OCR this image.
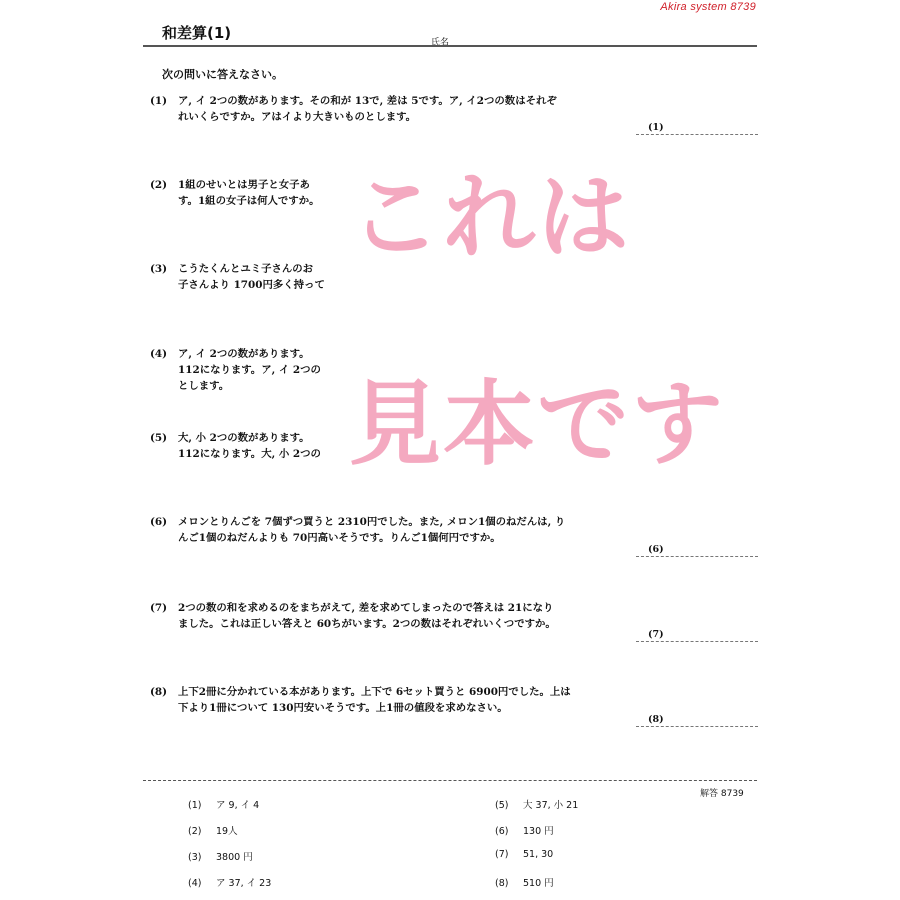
Akira system 8739
和差算(1)
氏名
次の問いに答えなさい。
(1) ア, イ 2つの数があります。その和が 13で, 差は 5です。ア, イ2つの数はそれぞ
れいくらですか。アはイより大きいものとします。
(1)
(2) 1組のせいとは男子と女子あ
す。1組の女子は何人ですか。
(3) こうたくんとユミ子さんのお
子さんより 1700円多く持って
(4) ア, イ 2つの数があります。
112になります。ア, イ 2つの
とします。
(5) 大, 小 2つの数があります。
112になります。大, 小 2つの
(6) メロンとりんごを 7個ずつ買うと 2310円でした。また, メロン1個のねだんは, り
んご1個のねだんよりも 70円高いそうです。りんご1個何円ですか。
(6)
(7) 2つの数の和を求めるのをまちがえて, 差を求めてしまったので答えは 21になり
ました。これは正しい答えと 60ちがいます。2つの数はそれぞれいくつですか。
(7)
(8) 上下2冊に分かれている本があります。上下で 6セット買うと 6900円でした。上は
下より1冊について 130円安いそうです。上1冊の値段を求めなさい。
(8)
これは
見本です
解答 8739
(1) ア 9, イ 4
(2) 19人
(3) 3800 円
(4) ア 37, イ 23
(5) 大 37, 小 21
(6) 130 円
(7) 51, 30
(8) 510 円
